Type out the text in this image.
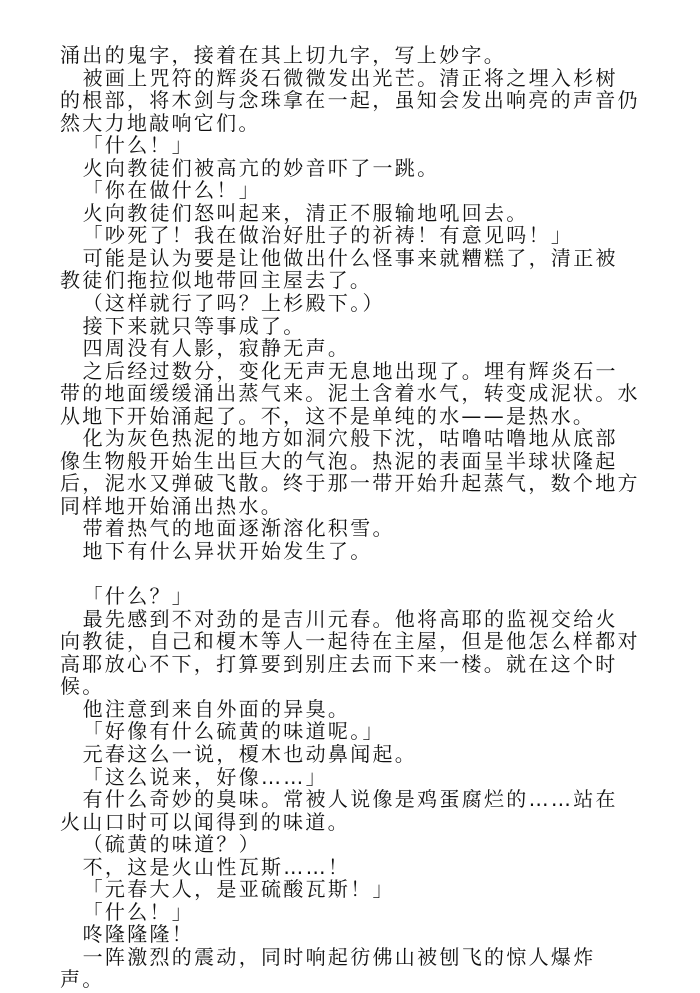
涌出的鬼字，接着在其上切九字，写上妙字。

被画上咒符的辉炎石微微发出光芒。清正将之埋入杉树的根部，将木剑与念珠拿在一起，虽知会发出响亮的声音仍然大力地敲响它们。

「什么！」

火向教徒们被高亢的妙音吓了一跳。

「你在做什么！」

火向教徒们怒叫起来，清正不服输地吼回去。

「吵死了！我在做治好肚子的祈祷！有意见吗！」

可能是认为要是让他做出什么怪事来就糟糕了，清正被教徒们拖拉似地带回主屋去了。

（这样就行了吗？上杉殿下。）

接下来就只等事成了。

四周没有人影，寂静无声。

之后经过数分，变化无声无息地出现了。埋有辉炎石一带的地面缓缓涌出蒸气来。泥土含着水气，转变成泥状。水从地下开始涌起了。不，这不是单纯的水——是热水。

化为灰色热泥的地方如洞穴般下沈，咕噜咕噜地从底部像生物般开始生出巨大的气泡。热泥的表面呈半球状隆起后，泥水又弹破飞散。终于那一带开始升起蒸气，数个地方同样地开始涌出热水。

带着热气的地面逐渐溶化积雪。

地下有什么异状开始发生了。

「什么？」

最先感到不对劲的是吉川元春。他将高耶的监视交给火向教徒，自己和榎木等人一起待在主屋，但是他怎么样都对高耶放心不下，打算要到别庄去而下来一楼。就在这个时候。

他注意到来自外面的异臭。

「好像有什么硫黄的味道呢。」

元春这么一说，榎木也动鼻闻起。

「这么说来，好像……」

有什么奇妙的臭味。常被人说像是鸡蛋腐烂的……站在火山口时可以闻得到的味道。

（硫黄的味道？）

不，这是火山性瓦斯……！

「元春大人，是亚硫酸瓦斯！」

「什么！」

咚隆隆隆！

一阵激烈的震动，同时响起彷佛山被刨飞的惊人爆炸声。
